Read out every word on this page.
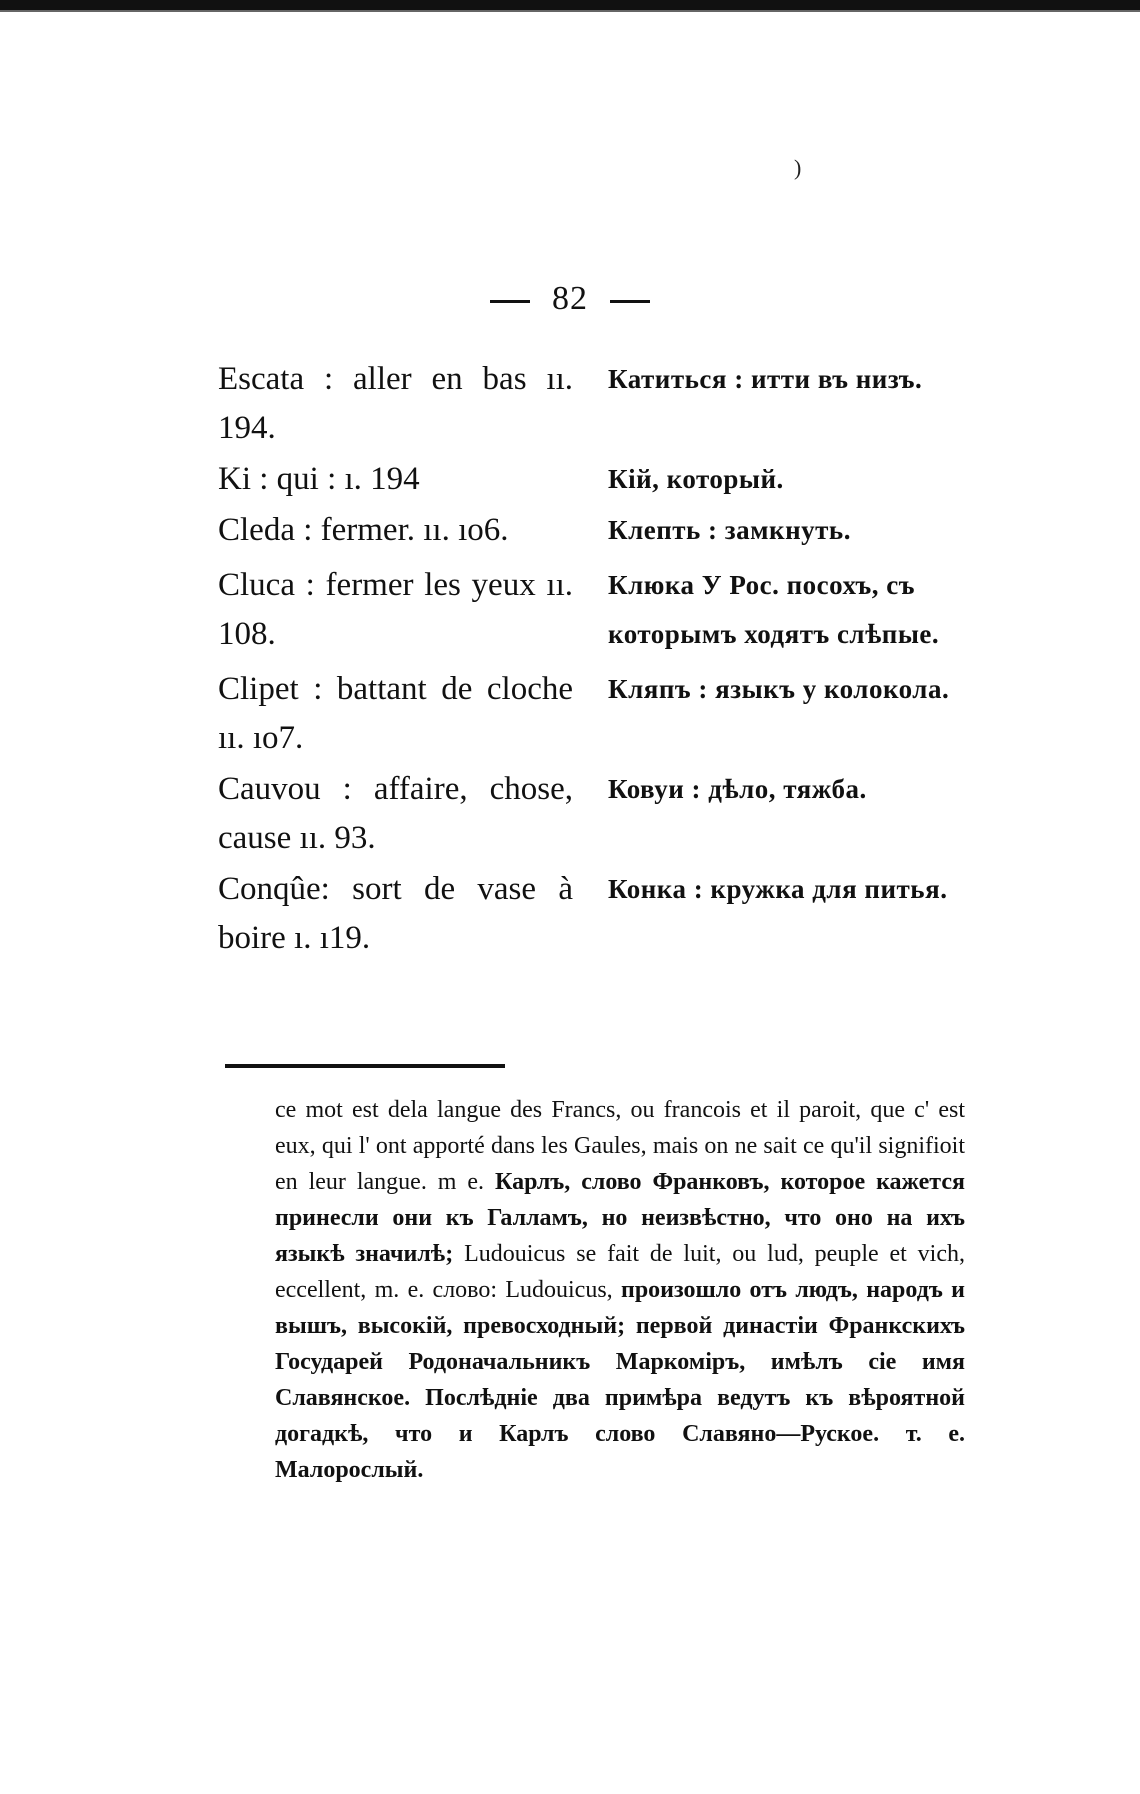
)
82
Escata : aller en bas ıı. 194.
Катиться : итти въ низъ.
Ki : qui : ı. 194	Кій, который.
Cleda : fermer. ıı. ıo6.	Клепть : замкнуть.
Cluca : fermer les yeux ıı. 108.
Клюка У Рос. посохъ, съ которымъ ходятъ слѣпые.
Clipet : battant de cloche ıı. ıo7.
Кляпъ : языкъ у колокола.
Cauvou : affaire, chose, cause ıı. 93.
Ковуи : дѣло, тяжба.
Conqûe: sort de vase à boire ı. ı19.
Конка : кружка для питья.

ce mot est dela langue des Francs, ou francois et il paroit, que c' est eux, qui l' ont apporté dans les Gaules, mais on ne sait ce qu'il signifioit en leur langue. m e. Карлъ, слово Франковъ, которое кажется принесли они къ Галламъ, но неизвѣстно, что оно на ихъ языкѣ значилѣ; Ludouicus se fait de luit, ou lud, peuple et vich, eccellent, m. e. слово: Ludouicus, произошло отъ людъ, народъ и вышъ, высокій, превосходный; первой династіи Франкскихъ Государей Родоначальникъ Маркоміръ, имѣлъ сіе имя Славянское. Послѣдніе два примѣра ведутъ къ вѣроятной догадкѣ, что и Карлъ слово Славяно—Руское. т. е. Малорослый.
